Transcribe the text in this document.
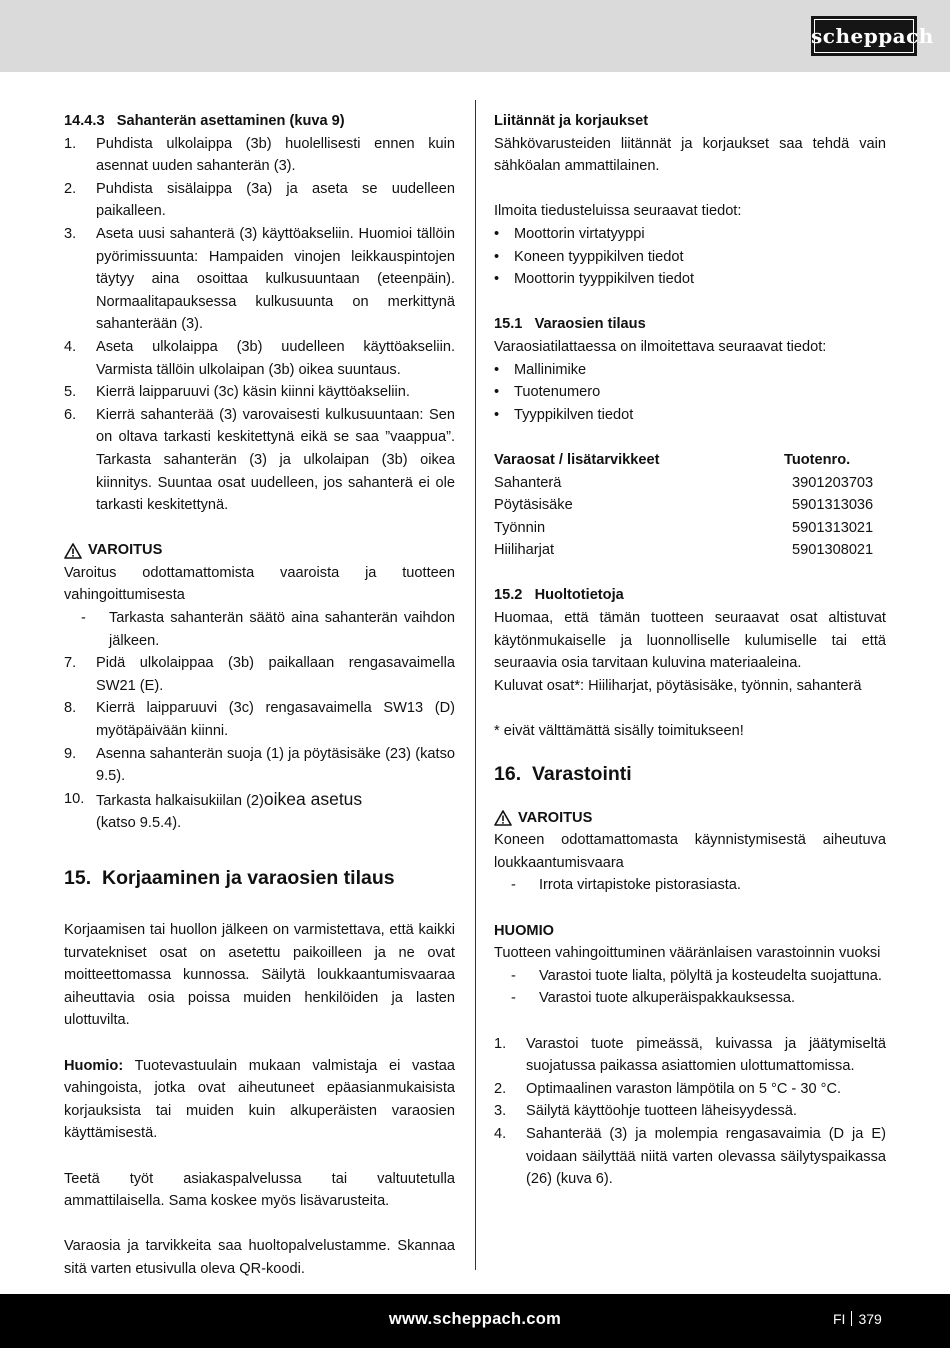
scheppach

14.4.3 Sahanterän asettaminen (kuva 9)

1.	Puhdista ulkolaippa (3b) huolellisesti ennen kuin asennat uuden sahanterän (3).
2.	Puhdista sisälaippa (3a) ja aseta se uudelleen paikalleen.
3.	Aseta uusi sahanterä (3) käyttöakseliin. Huomioi tällöin pyörimissuunta: Hampaiden vinojen leikkauspintojen täytyy aina osoittaa kulkusuuntaan (eteenpäin). Normaalitapauksessa kulkusuunta on merkittynä sahanterään (3).
4.	Aseta ulkolaippa (3b) uudelleen käyttöakseliin. Varmista tällöin ulkolaipan (3b) oikea suuntaus.
5.	Kierrä laipparuuvi (3c) käsin kiinni käyttöakseliin.
6.	Kierrä sahanterää (3) varovaisesti kulkusuuntaan: Sen on oltava tarkasti keskitettynä eikä se saa ”vaappua”. Tarkasta sahanterän (3) ja ulkolaipan (3b) oikea kiinnitys. Suuntaa osat uudelleen, jos sahanterä ei ole tarkasti keskitettynä.

VAROITUS

Varoitus odottamattomista vaaroista ja tuotteen vahingoittumisesta

-	Tarkasta sahanterän säätö aina sahanterän vaihdon jälkeen.
7.	Pidä ulkolaippaa (3b) paikallaan rengasavaimella SW21 (E).
8.	Kierrä laipparuuvi (3c) rengasavaimella SW13 (D) myötäpäivään kiinni.
9.	Asenna sahanterän suoja (1) ja pöytäsisäke (23) (katso 9.5).
10. Tarkasta halkaisukiilan (2)oikea asetus
(katso 9.5.4).
15. Korjaaminen ja varaosien tilaus

Korjaamisen tai huollon jälkeen on varmistettava, että kaikki turvatekniset osat on asetettu paikoilleen ja ne ovat moitteettomassa kunnossa. Säilytä loukkaantumisvaaraa aiheuttavia osia poissa muiden henkilöiden ja lasten ulottuvilta.

Huomio: Tuotevastuulain mukaan valmistaja ei vastaa vahingoista, jotka ovat aiheutuneet epäasianmukaisista korjauksista tai muiden kuin alkuperäisten varaosien käyttämisestä.

Teetä työt asiakaspalvelussa tai valtuutetulla ammattilaisella. Sama koskee myös lisävarusteita.

Varaosia ja tarvikkeita saa huoltopalvelustamme. Skannaa sitä varten etusivulla oleva QR-koodi.

Liitännät ja korjaukset

Sähkövarusteiden liitännät ja korjaukset saa tehdä vain sähköalan ammattilainen.

Ilmoita tiedusteluissa seuraavat tiedot:

•	Moottorin virtatyyppi
•	Koneen tyyppikilven tiedot
•	Moottorin tyyppikilven tiedot

15.1 Varaosien tilaus

Varaosiatilattaessa on ilmoitettava seuraavat tiedot:

•	Mallinimike
•	Tuotenumero
•	Tyyppikilven tiedot
Varaosat / lisätarvikkeet	Tuotenro.
Sahanterä	3901203703
Pöytäsisäke	5901313036
Työnnin	5901313021
Hiiliharjat	5901308021

15.2 Huoltotietoja

Huomaa, että tämän tuotteen seuraavat osat altistuvat käytönmukaiselle ja luonnolliselle kulumiselle tai että seuraavia osia tarvitaan kuluvina materiaaleina.

Kuluvat osat*: Hiiliharjat, pöytäsisäke, työnnin, sahanterä

* eivät välttämättä sisälly toimitukseen!

16. Varastointi

VAROITUS

Koneen odottamattomasta käynnistymisestä aiheutuva loukkaantumisvaara

-	Irrota virtapistoke pistorasiasta.

HUOMIO

Tuotteen vahingoittuminen vääränlaisen varastoinnin vuoksi

-	Varastoi tuote lialta, pölyltä ja kosteudelta suojattuna.
-	Varastoi tuote alkuperäispakkauksessa.
1.	Varastoi tuote pimeässä, kuivassa ja jäätymiseltä suojatussa paikassa asiattomien ulottumattomissa.
2.	Optimaalinen varaston lämpötila on 5 °C - 30 °C.
3.	Säilytä käyttöohje tuotteen läheisyydessä.
4.	Sahanterää (3) ja molempia rengasavaimia (D ja E) voidaan säilyttää niitä varten olevassa säilytyspaikassa (26) (kuva 6).
www.scheppach.com	FI 379
